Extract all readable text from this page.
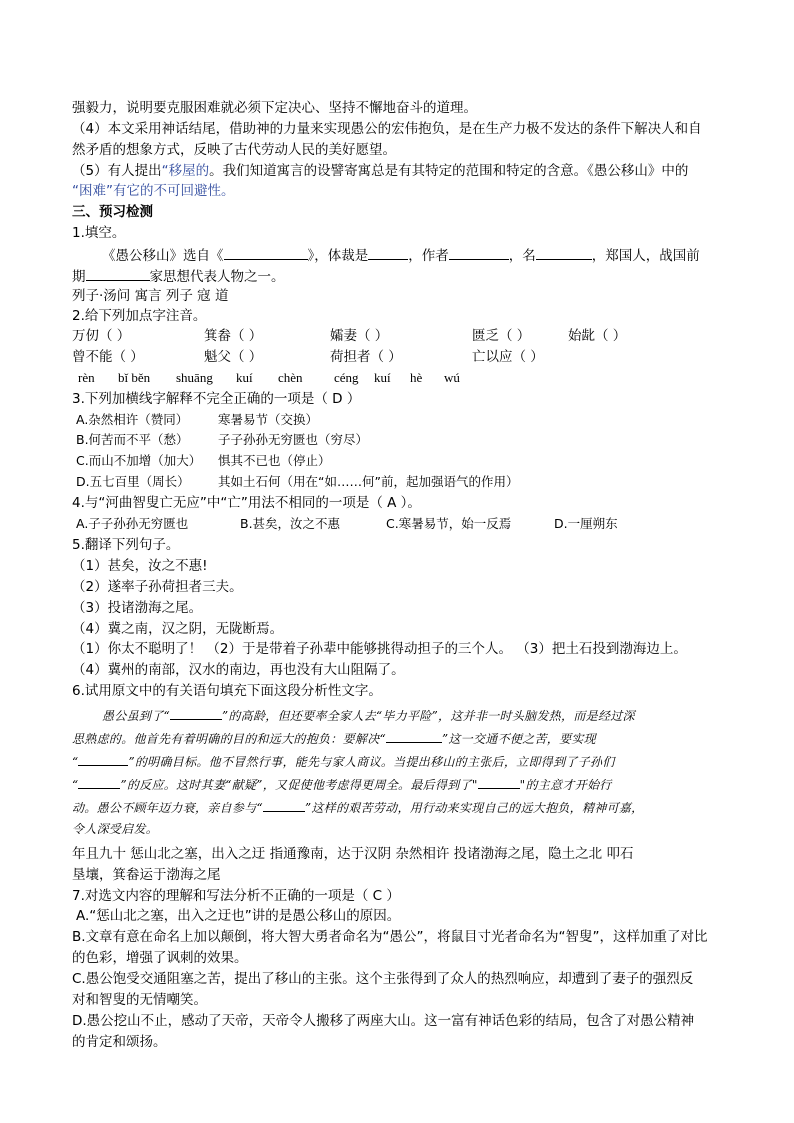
强毅力，说明要克服困难就必须下定决心、坚持不懈地奋斗的道理。
（4）本文采用神话结尾，借助神的力量来实现愚公的宏伟抱负，是在生产力极不发达的条件下解决人和自
然矛盾的想象方式，反映了古代劳动人民的美好愿望。
（5）有人提出“移屋的。我们知道寓言的设譬寄寓总是有其特定的范围和特定的含意。《愚公移山》中的
“困难”有它的不可回避性。
三、预习检测
1.填空。
《愚公移山》选自《	》，体裁是	，作者	，名	，郑国人，战国前
期	家思想代表人物之一。
列子·汤问 寓言 列子 寇 道
2.给下列加点字注音。
万仞（ ）	箕畚（ ）	孀妻（ ）	匮乏（ ）	始龀（ ）
曾不能（ ）	魁父（ ）	荷担者（ ）	亡以应（ ）
rèn bǐ běn shuāng kuí chèn céng kuí hè wú
3.下列加横线字解释不完全正确的一项是（ D ）
A.杂然相许（赞同） 寒暑易节（交换）
B.何苦而不平（愁） 子子孙孙无穷匮也（穷尽）
C.而山不加增（加大） 惧其不已也（停止）
D.五七百里（周长） 其如土石何（用在“如……何”前，起加强语气的作用）
4.与“河曲智叟亡无应”中“亡”用法不相同的一项是（ A ）。
A.子子孙孙无穷匮也	B.甚矣，汝之不惠	C.寒暑易节，始一反焉	D.一厘朔东
5.翻译下列句子。
（1）甚矣，汝之不惠!
（2）遂率子孙荷担者三夫。
（3）投诸渤海之尾。
（4）冀之南，汉之阴，无陇断焉。
（1）你太不聪明了！ （2）于是带着子孙辈中能够挑得动担子的三个人。 （3）把土石投到渤海边上。
（4）冀州的南部，汉水的南边，再也没有大山阻隔了。
6.试用原文中的有关语句填充下面这段分析性文字。
愚公虽到了“	”的高龄，但还要率全家人去“毕力平险”，这并非一时头脑发热，而是经过深
思熟虑的。他首先有着明确的目的和远大的抱负：要解决“	”这一交通不便之苦，要实现
“	”的明确目标。他不冒然行事，能先与家人商议。当提出移山的主张后，立即得到了子孙们
“	”的反应。这时其妻“献疑”，又促使他考虑得更周全。最后得到了"	"的主意才开始行
动。愚公不顾年迈力衰，亲自参与“	”这样的艰苦劳动，用行动来实现自己的远大抱负，精神可嘉，
令人深受启发。
年且九十 惩山北之塞，出入之迂 指通豫南，达于汉阴 杂然相许 投诸渤海之尾，隐土之北 叩石
垦壤，箕畚运于渤海之尾
7.对选文内容的理解和写法分析不正确的一项是（ C ）
A.“惩山北之塞，出入之迂也”讲的是愚公移山的原因。
B.文章有意在命名上加以颠倒，将大智大勇者命名为“愚公”，将鼠目寸光者命名为“智叟”，这样加重了对比
的色彩，增强了讽刺的效果。
C.愚公饱受交通阻塞之苦，提出了移山的主张。这个主张得到了众人的热烈响应，却遭到了妻子的强烈反
对和智叟的无情嘲笑。
D.愚公挖山不止，感动了天帝，天帝令人搬移了两座大山。这一富有神话色彩的结局，包含了对愚公精神
的肯定和颂扬。
